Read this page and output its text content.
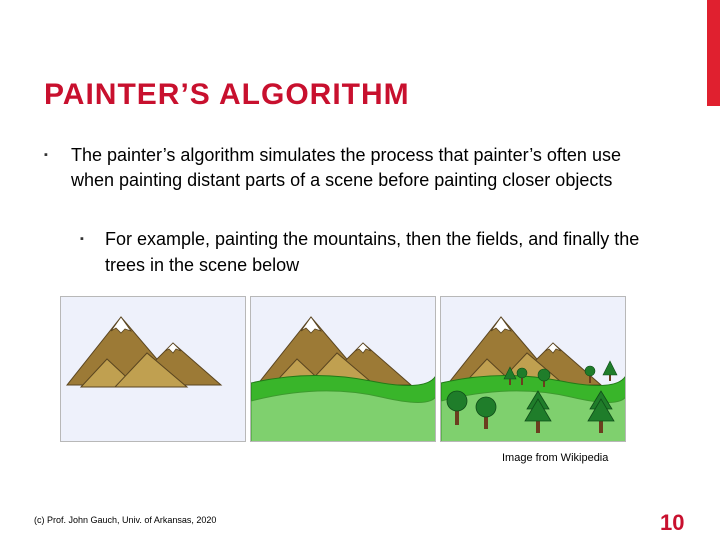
PAINTER’S ALGORITHM
▪ The painter’s algorithm simulates the process that painter’s often use when painting distant parts of a scene before painting closer objects
▪ For example, painting the mountains, then the fields, and finally the trees in the scene below
Image from Wikipedia
(c) Prof. John Gauch, Univ. of Arkansas, 2020	10
